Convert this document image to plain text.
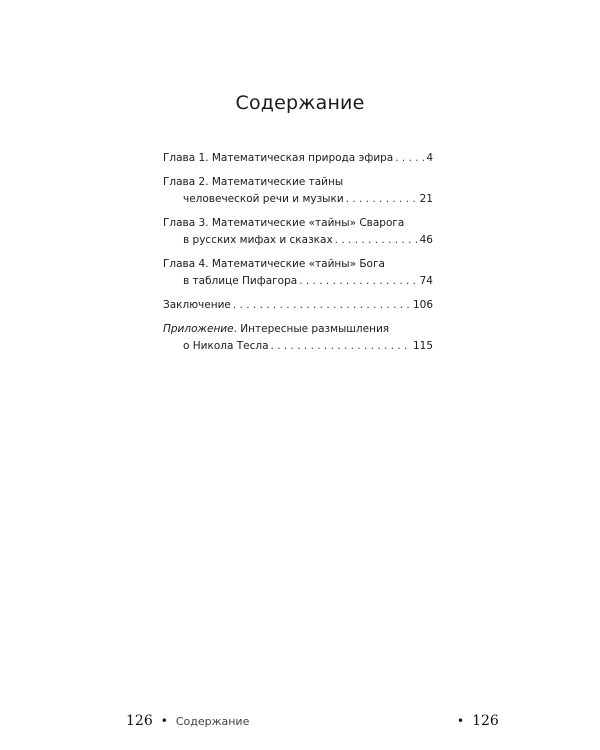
Содержание
Глава 1. Математическая природа эфира . . .	4
Глава 2. Математические тайны
человеческой речи и музыки . . .	21
Глава 3. Математические «тайны» Сварога
в русских мифах и сказках . . .	46
Глава 4. Математические «тайны» Бога
в таблице Пифагора . . .	74
Заключение . . .	106
Приложение . Интересные размышления
о Никола Тесла . . .	115
126 • Содержание	• 126
